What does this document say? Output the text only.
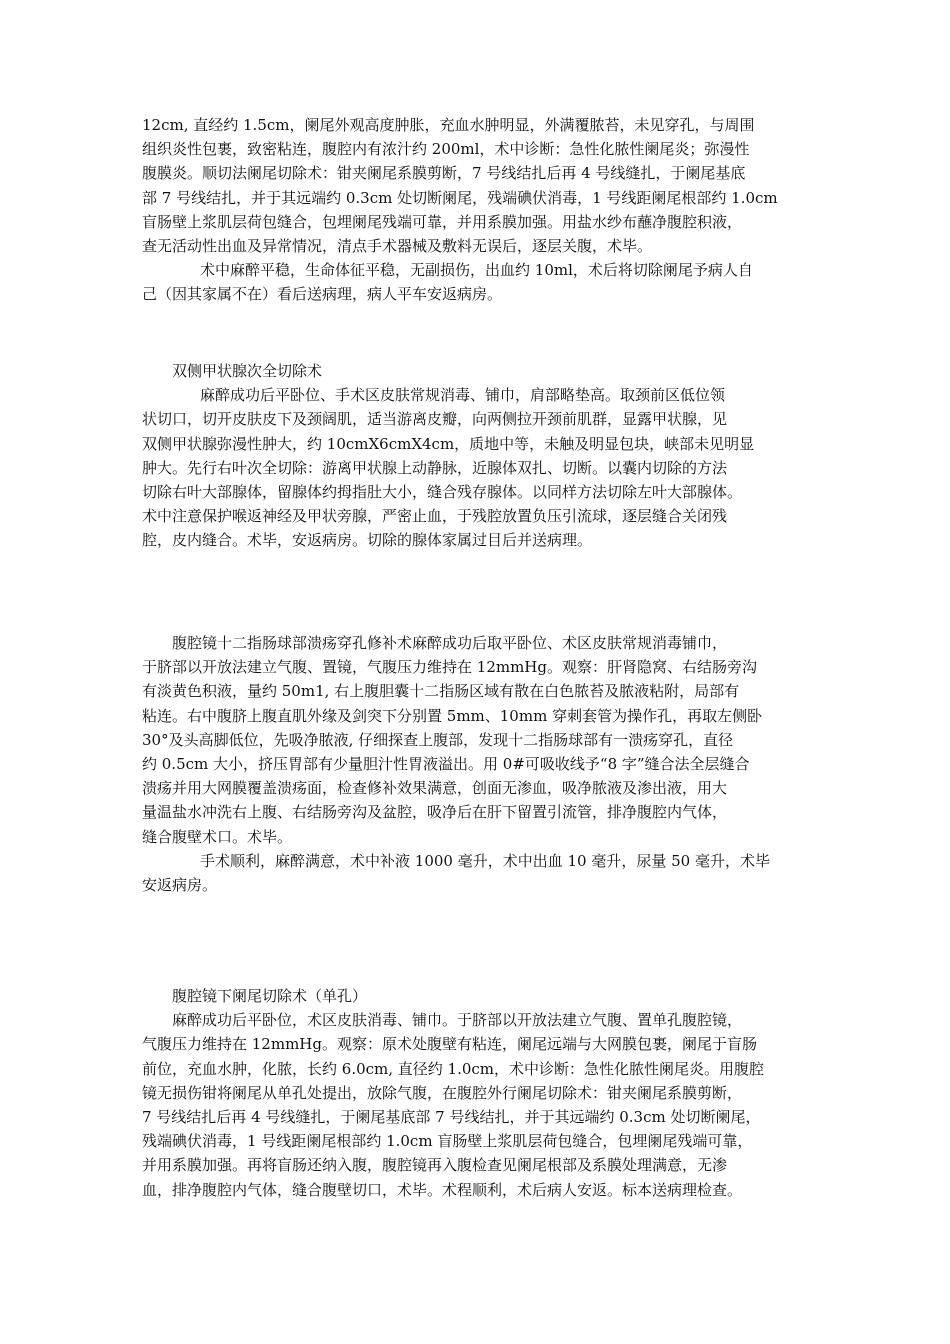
12cm, 直经约 1.5cm，阑尾外观高度肿胀，充血水肿明显，外满覆脓苔，未见穿孔，与周围
组织炎性包裹，致密粘连，腹腔内有浓汁约 200ml，术中诊断：急性化脓性阑尾炎；弥漫性
腹膜炎。顺切法阑尾切除术：钳夹阑尾系膜剪断，7 号线结扎后再 4 号线缝扎，于阑尾基底
部 7 号线结扎，并于其远端约 0.3cm 处切断阑尾，残端碘伏消毒，1 号线距阑尾根部约 1.0cm
盲肠壁上浆肌层荷包缝合，包埋阑尾残端可靠，并用系膜加强。用盐水纱布蘸净腹腔积液，
查无活动性出血及异常情况，清点手术器械及敷料无误后，逐层关腹，术毕。
术中麻醉平稳，生命体征平稳，无副损伤，出血约 10ml，术后将切除阑尾予病人自
己（因其家属不在）看后送病理，病人平车安返病房。
双侧甲状腺次全切除术
麻醉成功后平卧位、手术区皮肤常规消毒、铺巾，肩部略垫高。取颈前区低位领
状切口，切开皮肤皮下及颈阔肌，适当游离皮瓣，向两侧拉开颈前肌群，显露甲状腺，见
双侧甲状腺弥漫性肿大，约 10cmX6cmX4cm，质地中等，未触及明显包块，峡部未见明显
肿大。先行右叶次全切除：游离甲状腺上动静脉，近腺体双扎、切断。以囊内切除的方法
切除右叶大部腺体，留腺体约拇指肚大小，缝合残存腺体。以同样方法切除左叶大部腺体。
术中注意保护喉返神经及甲状旁腺，严密止血，于残腔放置负压引流球，逐层缝合关闭残
腔，皮内缝合。术毕，安返病房。切除的腺体家属过目后并送病理。
腹腔镜十二指肠球部溃疡穿孔修补术麻醉成功后取平卧位、术区皮肤常规消毒铺巾，
于脐部以开放法建立气腹、置镜，气腹压力维持在 12mmHg。观察：肝肾隐窝、右结肠旁沟
有淡黄色积液，量约 50m1, 右上腹胆囊十二指肠区域有散在白色脓苔及脓液粘附，局部有
粘连。右中腹脐上腹直肌外缘及剑突下分别置 5mm、10mm 穿刺套管为操作孔，再取左侧卧
30°及头高脚低位，先吸净脓液, 仔细探查上腹部，发现十二指肠球部有一溃疡穿孔，直径
约 0.5cm 大小，挤压胃部有少量胆汁性胃液溢出。用 0#可吸收线予“8 字”缝合法全层缝合
溃疡并用大网膜覆盖溃疡面，检查修补效果满意，创面无渗血，吸净脓液及渗出液，用大
量温盐水冲洗右上腹、右结肠旁沟及盆腔，吸净后在肝下留置引流管，排净腹腔内气体，
缝合腹壁术口。术毕。
手术顺利，麻醉满意，术中补液 1000 毫升，术中出血 10 毫升，尿量 50 毫升，术毕
安返病房。
腹腔镜下阑尾切除术（单孔）
麻醉成功后平卧位，术区皮肤消毒、铺巾。于脐部以开放法建立气腹、置单孔腹腔镜，
气腹压力维持在 12mmHg。观察：原术处腹壁有粘连，阑尾远端与大网膜包裹，阑尾于盲肠
前位，充血水肿，化脓，长约 6.0cm, 直径约 1.0cm，术中诊断：急性化脓性阑尾炎。用腹腔
镜无损伤钳将阑尾从单孔处提出，放除气腹，在腹腔外行阑尾切除术：钳夹阑尾系膜剪断，
7 号线结扎后再 4 号线缝扎，于阑尾基底部 7 号线结扎，并于其远端约 0.3cm 处切断阑尾，
残端碘伏消毒，1 号线距阑尾根部约 1.0cm 盲肠壁上浆肌层荷包缝合，包埋阑尾残端可靠，
并用系膜加强。再将盲肠还纳入腹，腹腔镜再入腹检查见阑尾根部及系膜处理满意，无渗
血，排净腹腔内气体，缝合腹壁切口，术毕。术程顺利，术后病人安返。标本送病理检查。
